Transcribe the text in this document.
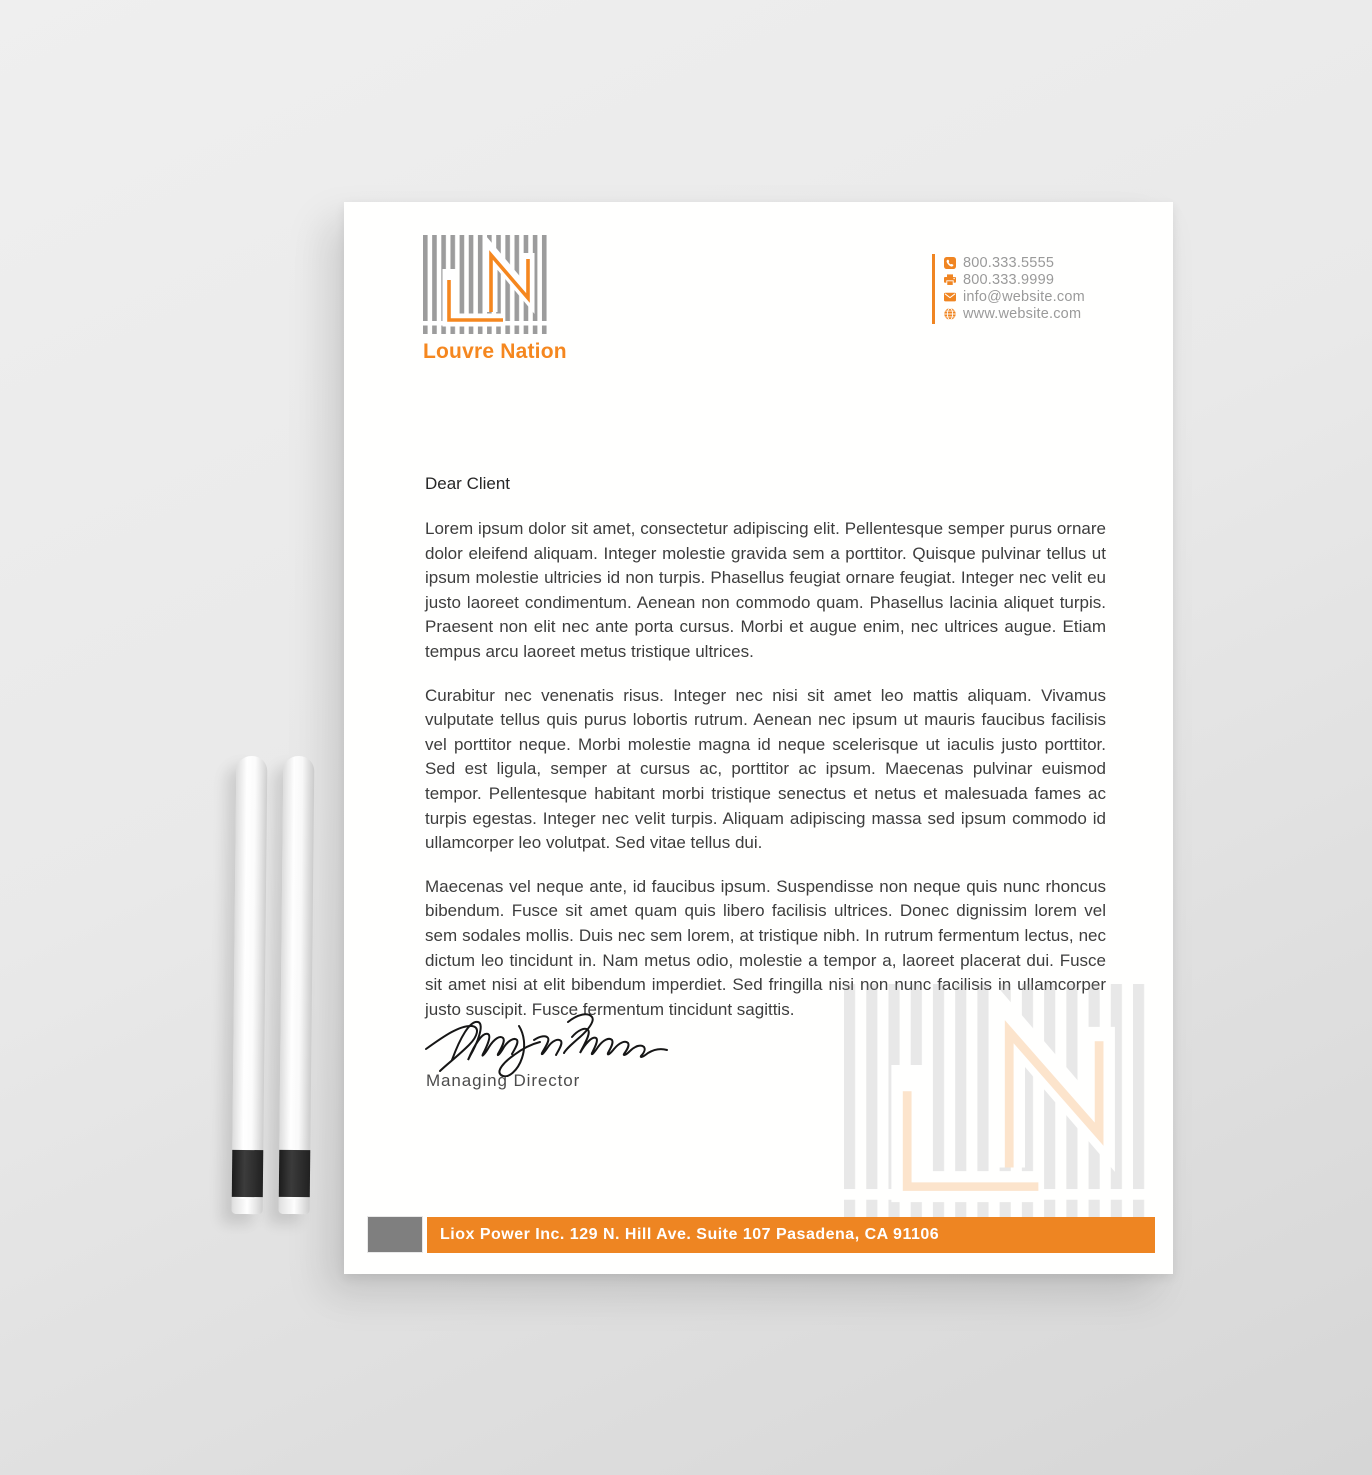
Louvre Nation
800.333.5555
800.333.9999
info@website.com
www.website.com
Dear Client

Lorem ipsum dolor sit amet, consectetur adipiscing elit. Pellentesque semper purus ornare dolor eleifend aliquam. Integer molestie gravida sem a porttitor. Quisque pulvinar tellus ut ipsum molestie ultricies id non turpis. Phasellus feugiat ornare feugiat. Integer nec velit eu justo laoreet condimentum. Aenean non commodo quam. Phasellus lacinia aliquet turpis. Praesent non elit nec ante porta cursus. Morbi et augue enim, nec ultrices augue. Etiam tempus arcu laoreet metus tristique ultrices.

Curabitur nec venenatis risus. Integer nec nisi sit amet leo mattis aliquam. Vivamus vulputate tellus quis purus lobortis rutrum. Aenean nec ipsum ut mauris faucibus facilisis vel porttitor neque. Morbi molestie magna id neque scelerisque ut iaculis justo porttitor. Sed est ligula, semper at cursus ac, porttitor ac ipsum. Maecenas pulvinar euismod tempor. Pellentesque habitant morbi tristique senectus et netus et malesuada fames ac turpis egestas. Integer nec velit turpis. Aliquam adipiscing massa sed ipsum commodo id ullamcorper leo volutpat. Sed vitae tellus dui.

Maecenas vel neque ante, id faucibus ipsum. Suspendisse non neque quis nunc rhoncus bibendum. Fusce sit amet quam quis libero facilisis ultrices. Donec dignissim lorem vel sem sodales mollis. Duis nec sem lorem, at tristique nibh. In rutrum fermentum lectus, nec dictum leo tincidunt in. Nam metus odio, molestie a tempor a, laoreet placerat dui. Fusce sit amet nisi at elit bibendum imperdiet. Sed fringilla nisi non nunc facilisis in ullamcorper justo suscipit. Fusce fermentum tincidunt sagittis.

Managing Director
Liox Power Inc. 129 N. Hill Ave. Suite 107 Pasadena, CA 91106
